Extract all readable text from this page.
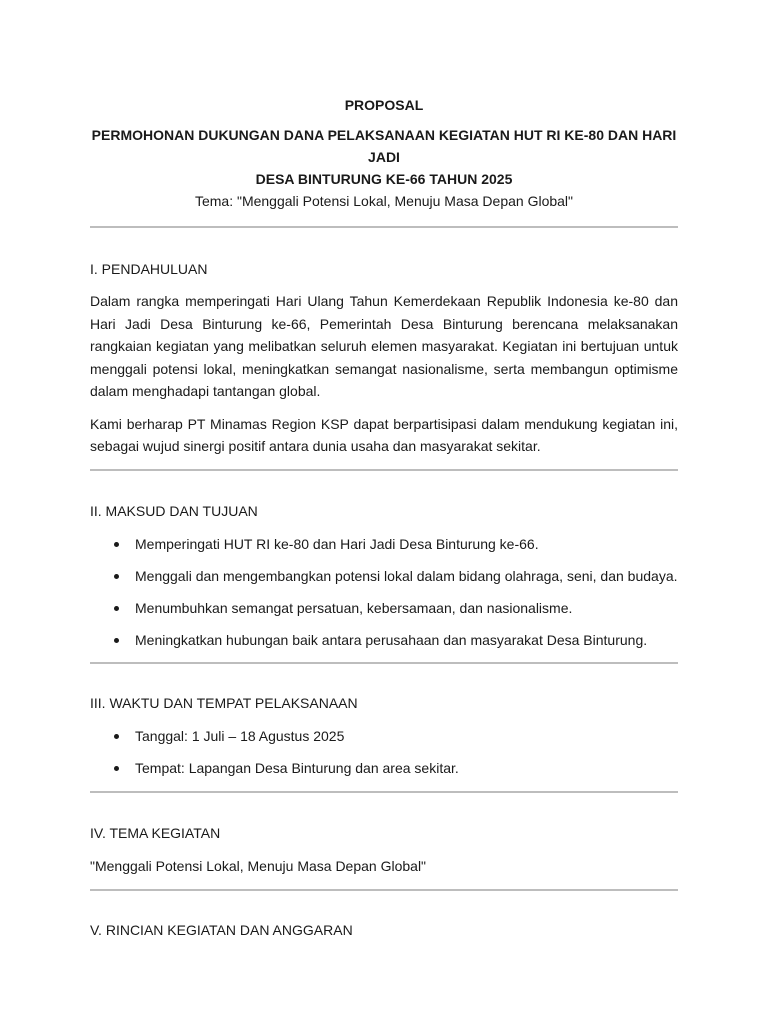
PROPOSAL
PERMOHONAN DUKUNGAN DANA PELAKSANAAN KEGIATAN HUT RI KE-80 DAN HARI JADI
DESA BINTURUNG KE-66 TAHUN 2025
Tema: "Menggali Potensi Lokal, Menuju Masa Depan Global"
I. PENDAHULUAN

Dalam rangka memperingati Hari Ulang Tahun Kemerdekaan Republik Indonesia ke-80 dan Hari Jadi Desa Binturung ke-66, Pemerintah Desa Binturung berencana melaksanakan rangkaian kegiatan yang melibatkan seluruh elemen masyarakat. Kegiatan ini bertujuan untuk menggali potensi lokal, meningkatkan semangat nasionalisme, serta membangun optimisme dalam menghadapi tantangan global.

Kami berharap PT Minamas Region KSP dapat berpartisipasi dalam mendukung kegiatan ini, sebagai wujud sinergi positif antara dunia usaha dan masyarakat sekitar.

II. MAKSUD DAN TUJUAN
Memperingati HUT RI ke-80 dan Hari Jadi Desa Binturung ke-66.
Menggali dan mengembangkan potensi lokal dalam bidang olahraga, seni, dan budaya.
Menumbuhkan semangat persatuan, kebersamaan, dan nasionalisme.
Meningkatkan hubungan baik antara perusahaan dan masyarakat Desa Binturung.
III. WAKTU DAN TEMPAT PELAKSANAAN
Tanggal: 1 Juli – 18 Agustus 2025
Tempat: Lapangan Desa Binturung dan area sekitar.
IV. TEMA KEGIATAN

"Menggali Potensi Lokal, Menuju Masa Depan Global"

V. RINCIAN KEGIATAN DAN ANGGARAN
